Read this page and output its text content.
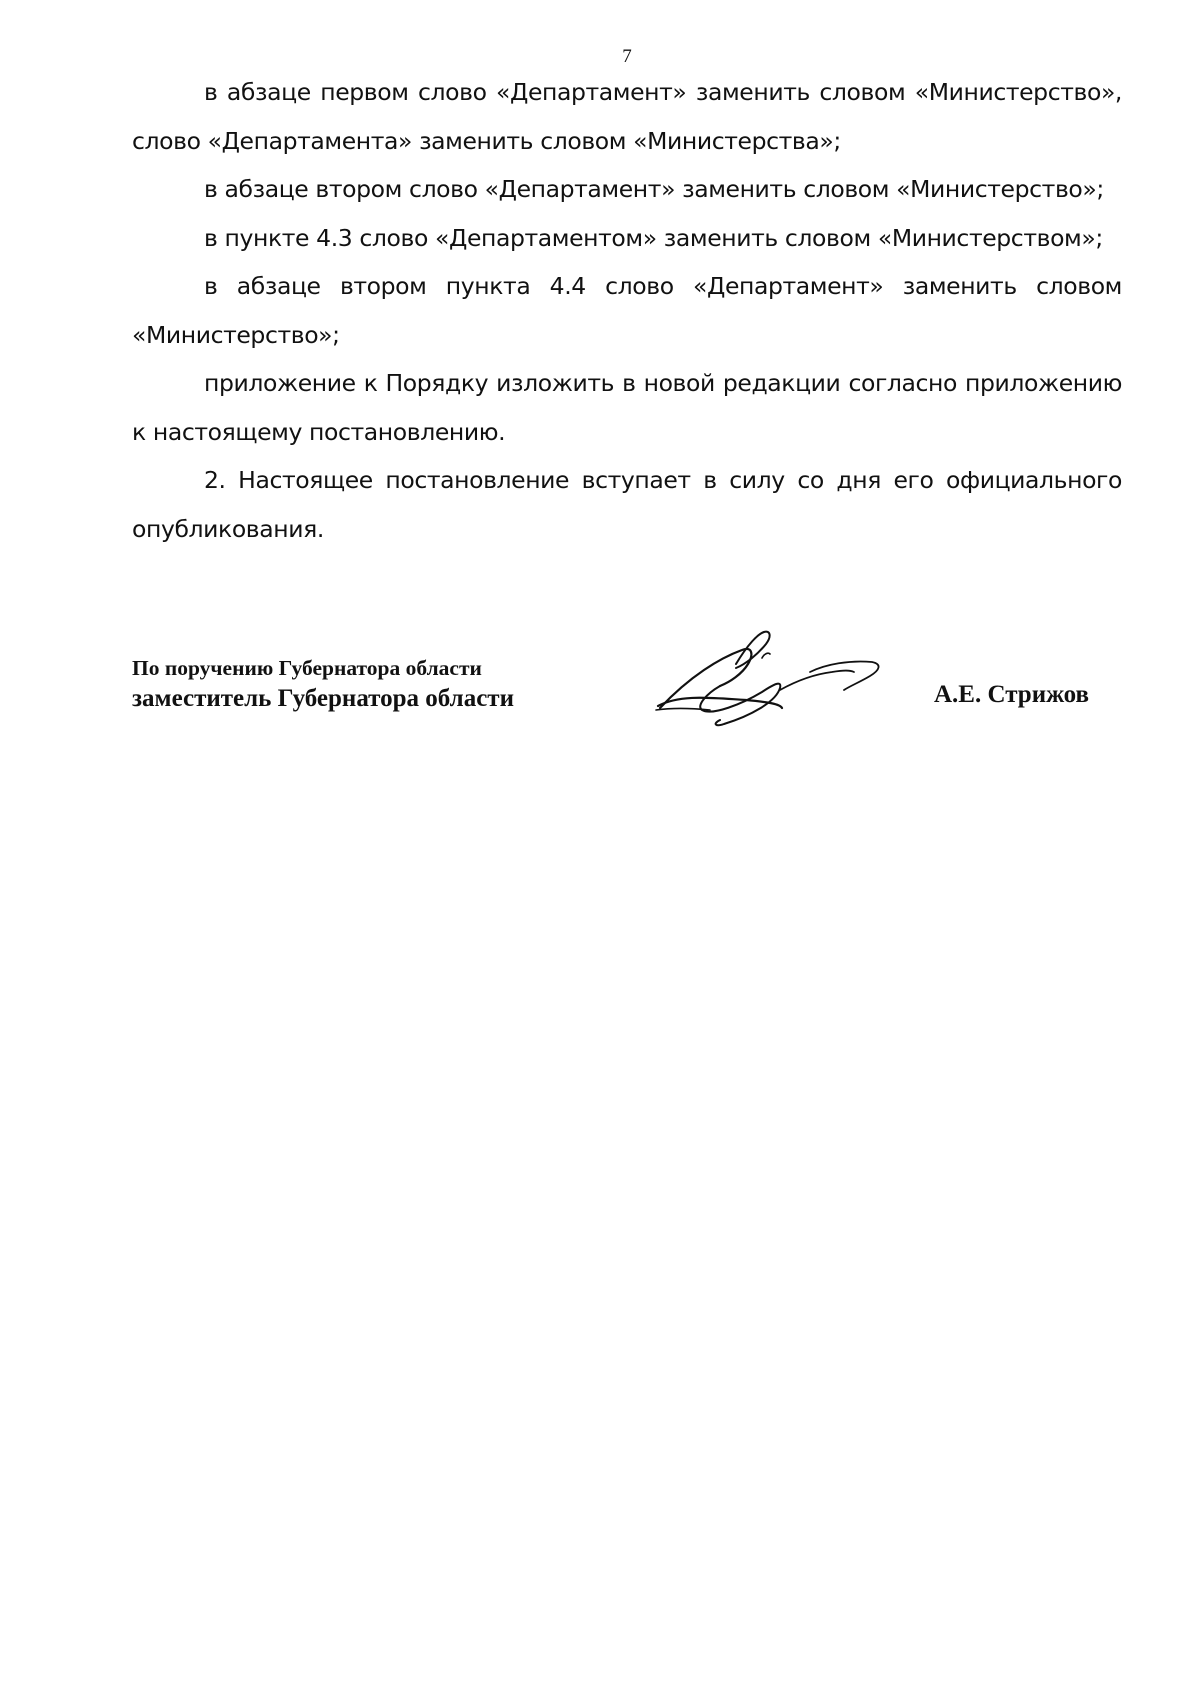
7

в абзаце первом слово «Департамент» заменить словом «Министерство», слово «Департамента» заменить словом «Министерства»;

в абзаце втором слово «Департамент» заменить словом «Министерство»;

в пункте 4.3 слово «Департаментом» заменить словом «Министерством»;

в абзаце втором пункта 4.4 слово «Департамент» заменить словом «Министерство»;

приложение к Порядку изложить в новой редакции согласно приложению к настоящему постановлению.

2. Настоящее постановление вступает в силу со дня его официального опубликования.

По поручению Губернатора области
заместитель Губернатора области	А.Е. Стрижов
